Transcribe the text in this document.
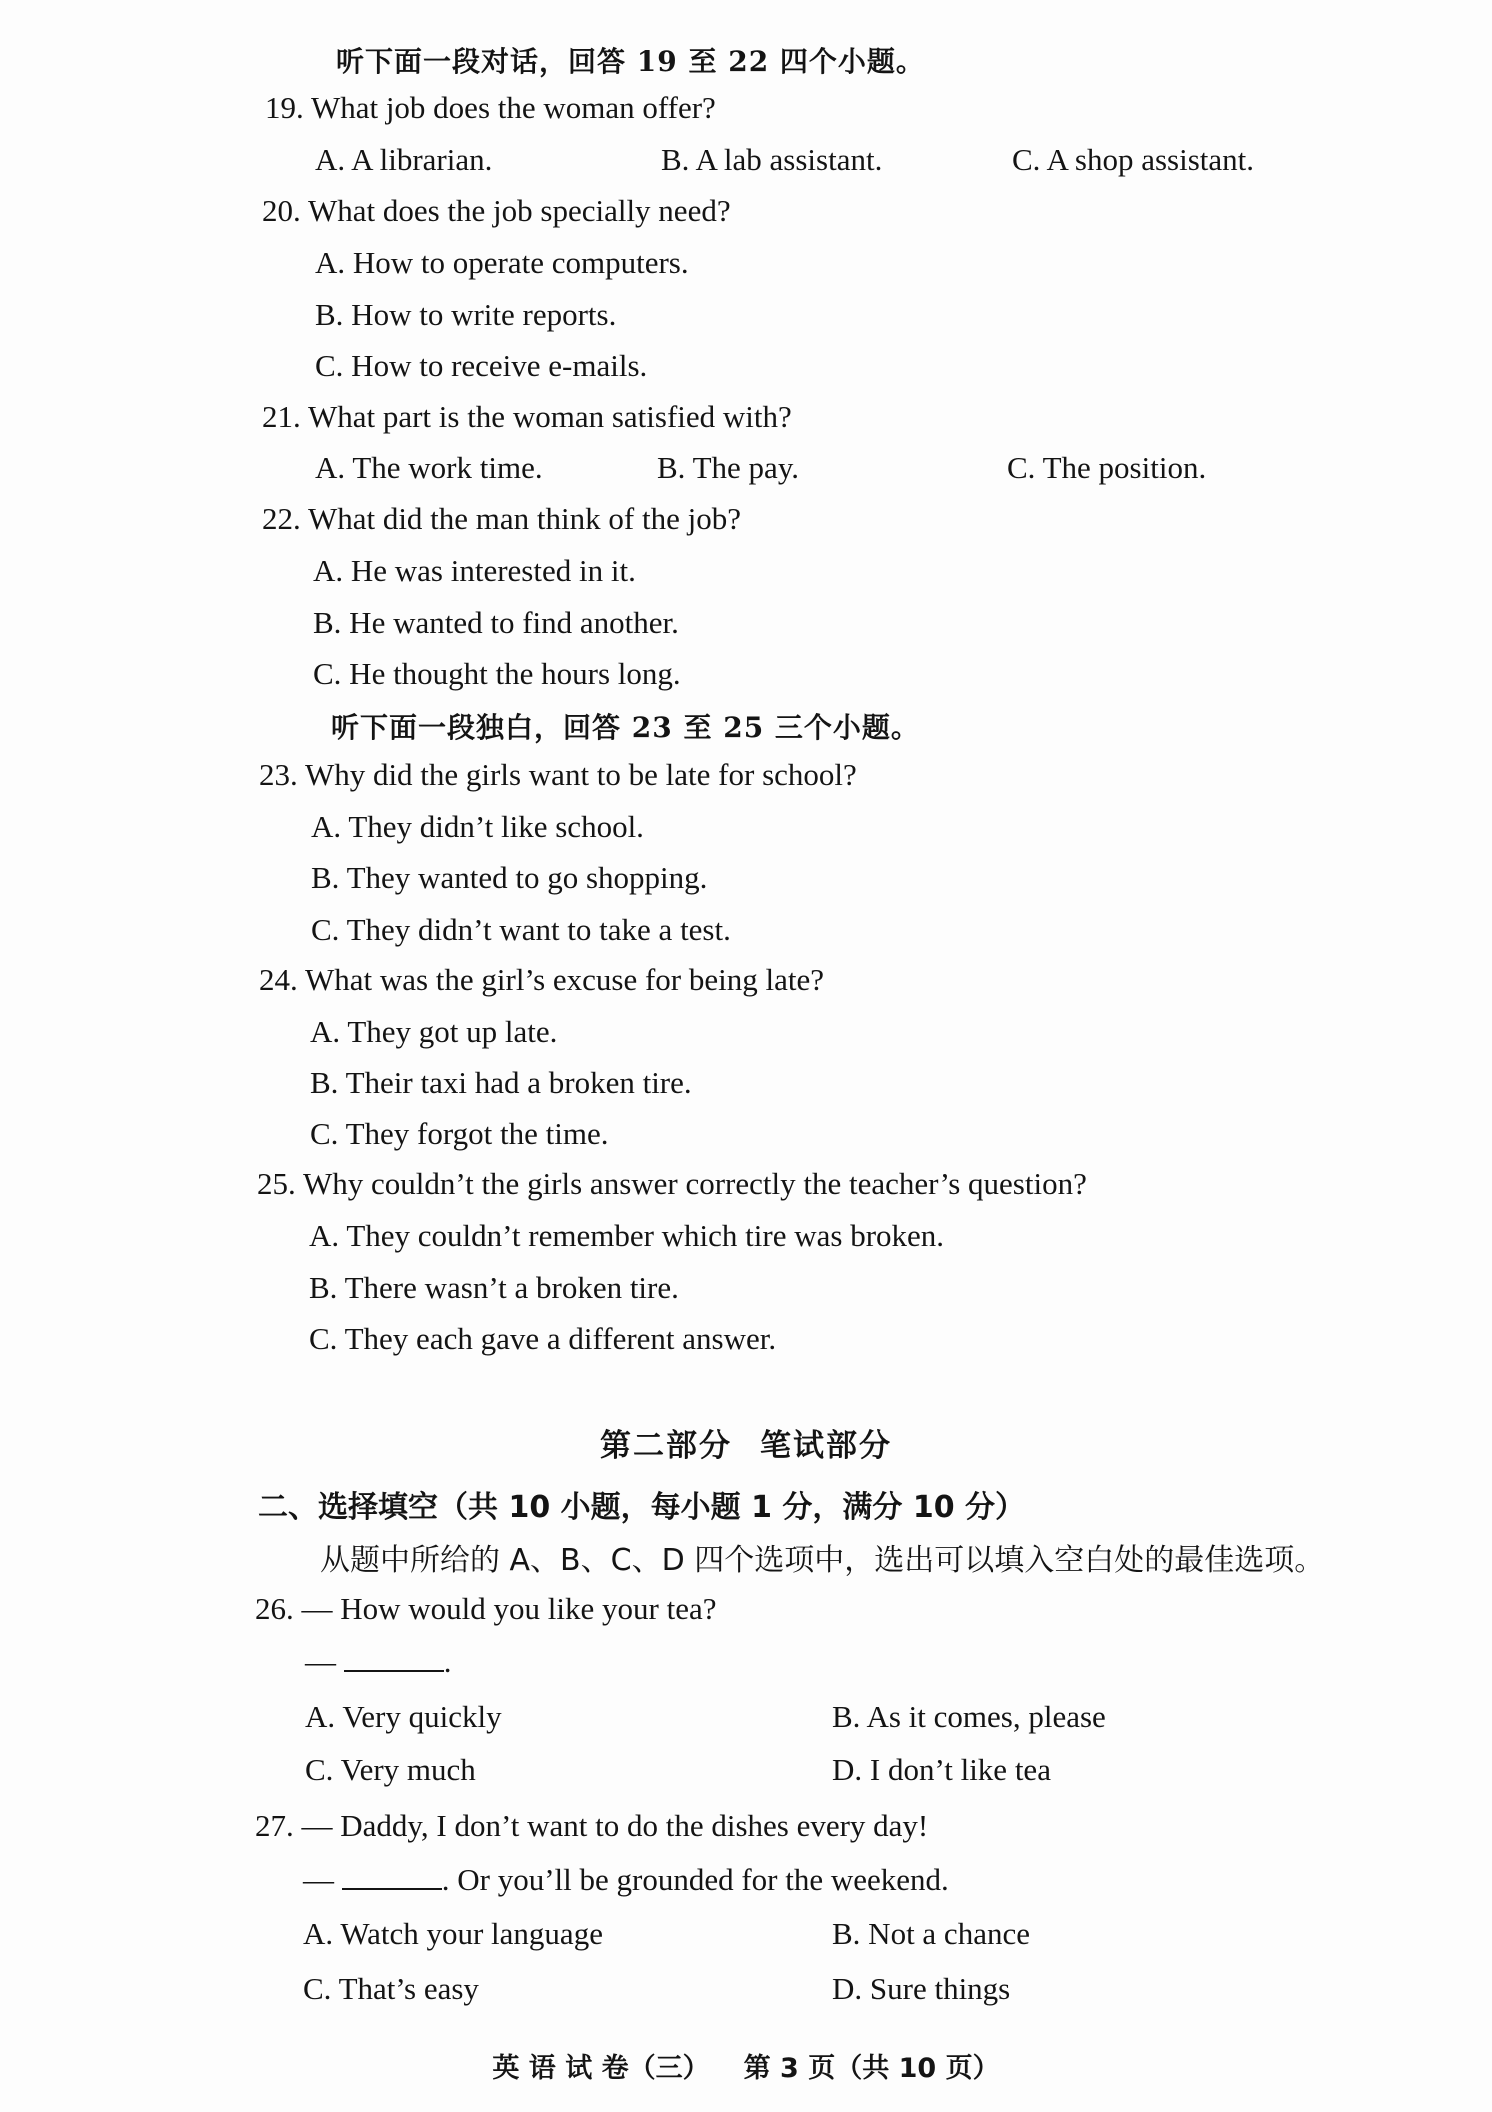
听下面一段对话，回答 19 至 22 四个小题。
19. What job does the woman offer?
A. A librarian.	B. A lab assistant.	C. A shop assistant.
20. What does the job specially need?
A. How to operate computers.
B. How to write reports.
C. How to receive e-mails.
21. What part is the woman satisfied with?
A. The work time.	B. The pay.	C. The position.
22. What did the man think of the job?
A. He was interested in it.
B. He wanted to find another.
C. He thought the hours long.
听下面一段独白，回答 23 至 25 三个小题。
23. Why did the girls want to be late for school?
A. They didn’t like school.
B. They wanted to go shopping.
C. They didn’t want to take a test.
24. What was the girl’s excuse for being late?
A. They got up late.
B. Their taxi had a broken tire.
C. They forgot the time.
25. Why couldn’t the girls answer correctly the teacher’s question?
A. They couldn’t remember which tire was broken.
B. There wasn’t a broken tire.
C. They each gave a different answer.
第二部分 笔试部分
二、选择填空（共 10 小题，每小题 1 分，满分 10 分）
从题中所给的 A、B、C、D 四个选项中，选出可以填入空白处的最佳选项。
26. — How would you like your tea?
—	.
A. Very quickly	B. As it comes, please
C. Very much	D. I don’t like tea
27. — Daddy, I don’t want to do the dishes every day!
—	. Or you’ll be grounded for the weekend.
A. Watch your language	B. Not a chance
C. That’s easy	D. Sure things
英 语 试 卷（三） 第 3 页（共 10 页）
